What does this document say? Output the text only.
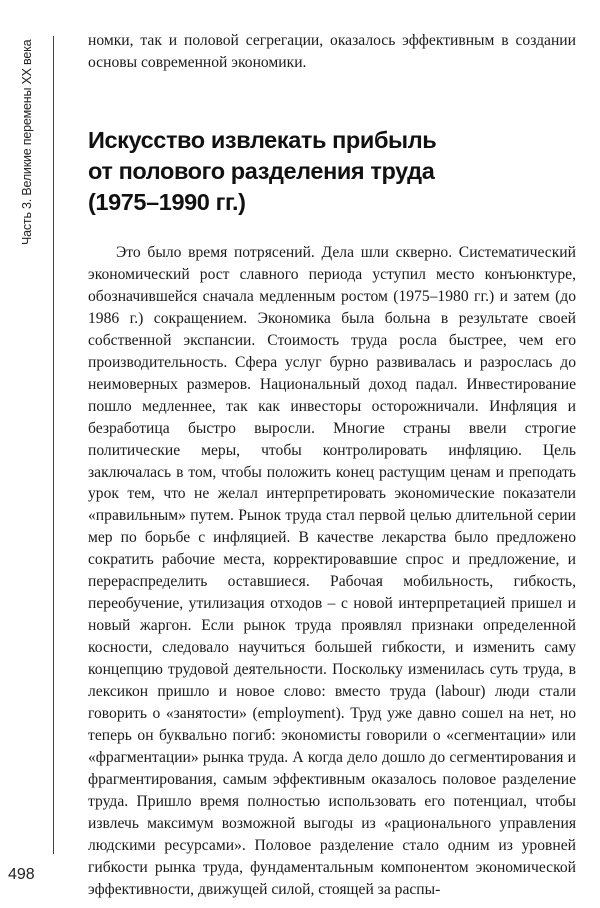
Часть 3. Великие перемены XX века	номки, так и половой сегрегации, оказалось эффективным в создании основы современной экономики.

Искусство извлекать прибыль
от полового разделения труда
(1975–1990 гг.)

Это было время потрясений. Дела шли скверно. Систематический экономический рост славного периода уступил место конъюнктуре, обозначившейся сначала медленным ростом (1975–1980 гг.) и затем (до 1986 г.) сокращением. Экономика была больна в результате своей собственной экспансии. Стоимость труда росла быстрее, чем его производительность. Сфера услуг бурно развивалась и разрослась до неимоверных размеров. Национальный доход падал. Инвестирование пошло медленнее, так как инвесторы осторожничали. Инфляция и безработица быстро выросли. Многие страны ввели строгие политические меры, чтобы контролировать инфляцию. Цель заключалась в том, чтобы положить конец растущим ценам и преподать урок тем, что не желал интерпретировать экономические показатели «правильным» путем. Рынок труда стал первой целью длительной серии мер по борьбе с инфляцией. В качестве лекарства было предложено сократить рабочие места, корректировавшие спрос и предложение, и перераспределить оставшиеся. Рабочая мобильность, гибкость, переобучение, утилизация отходов – с новой интерпретацией пришел и новый жаргон. Если рынок труда проявлял признаки определенной косности, следовало научиться большей гибкости, и изменить саму концепцию трудовой деятельности. Поскольку изменилась суть труда, в лексикон пришло и новое слово: вместо труда (labour) люди стали говорить о «занятости» (employment). Труд уже давно сошел на нет, но теперь он буквально погиб: экономисты говорили о «сегментации» или «фрагментации» рынка труда. А когда дело дошло до сегментирования и фрагментирования, самым эффективным оказалось половое разделение труда. Пришло время полностью использовать его потенциал, чтобы извлечь максимум возможной выгоды из «рационального управления людскими ресурсами». Половое разделение стало одним из уровней гибкости рынка труда, фундаментальным компонентом экономической эффективности, движущей силой, стоящей за распы-

498
